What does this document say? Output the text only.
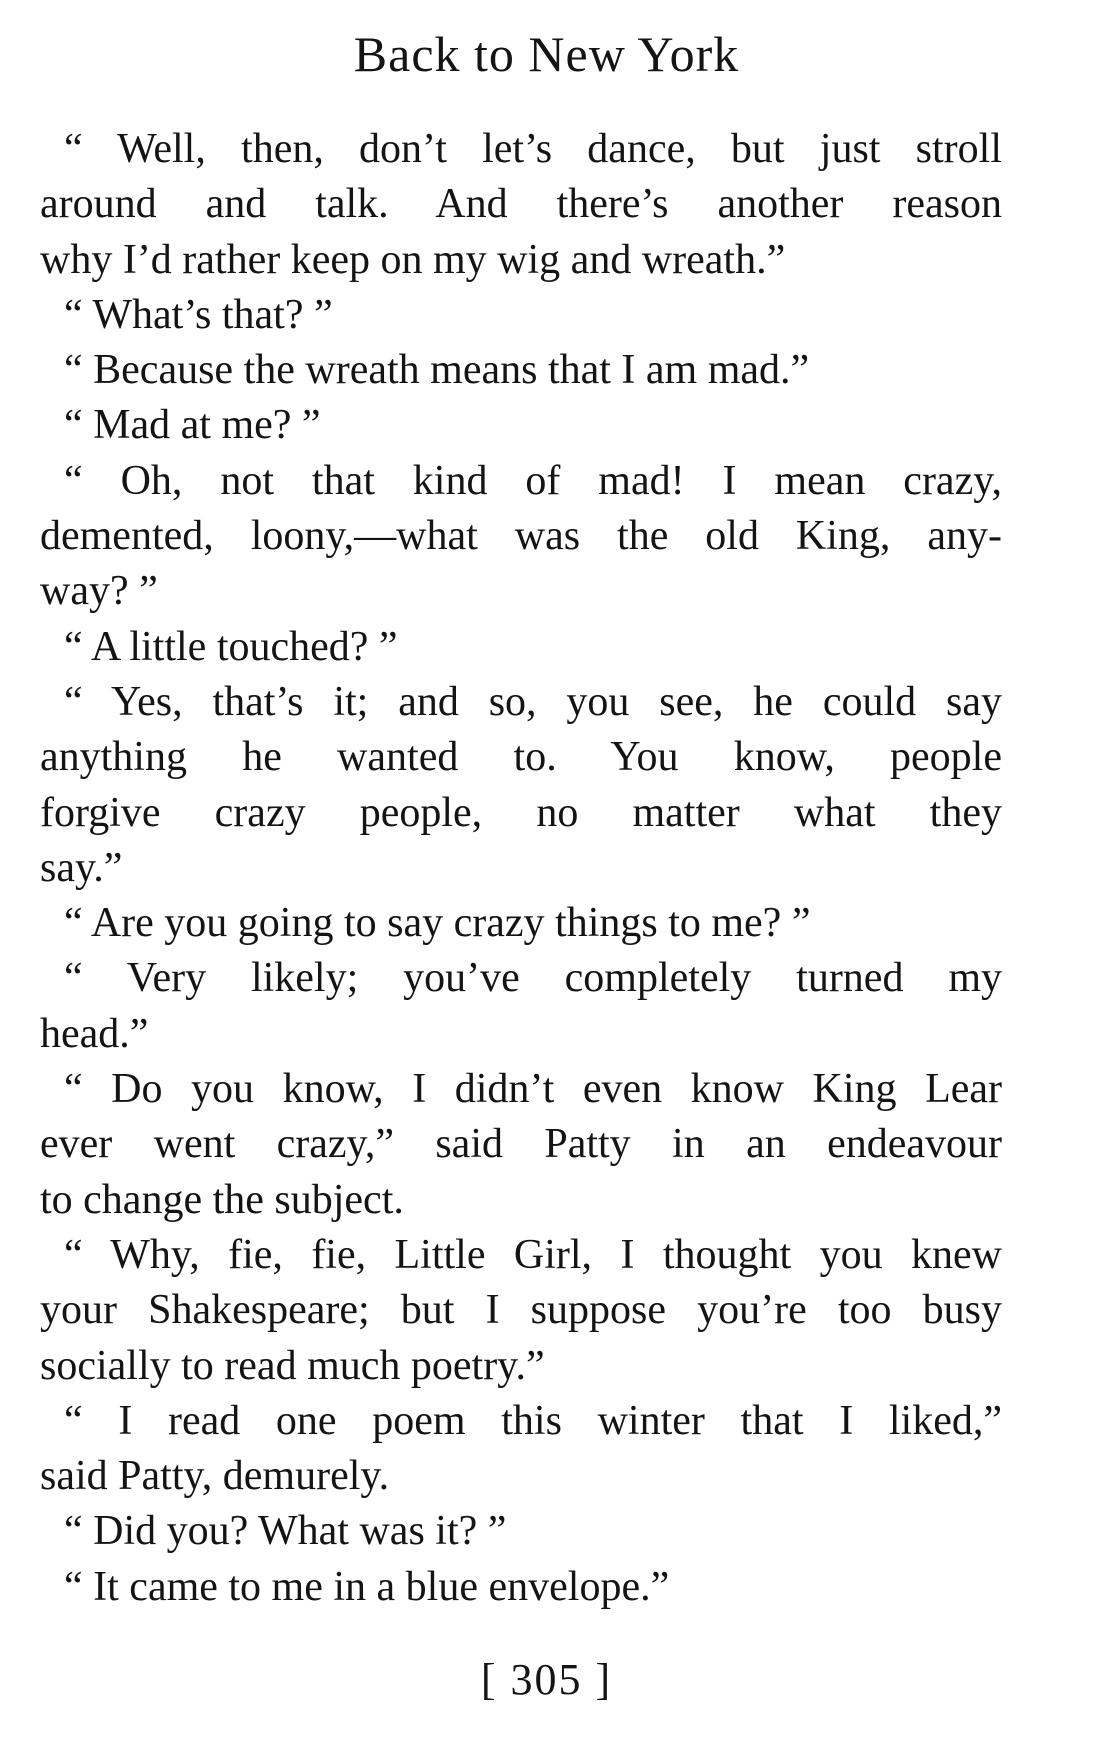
Back to New York
“ Well, then, don’t let’s dance, but just stroll
around and talk. And there’s another reason
why I’d rather keep on my wig and wreath.”
“ What’s that? ”
“ Because the wreath means that I am mad.”
“ Mad at me? ”
“ Oh, not that kind of mad! I mean crazy,
demented, loony,—what was the old King, any-
way? ”
“ A little touched? ”
“ Yes, that’s it; and so, you see, he could say
anything he wanted to. You know, people
forgive crazy people, no matter what they
say.”
“ Are you going to say crazy things to me? ”
“ Very likely; you’ve completely turned my
head.”
“ Do you know, I didn’t even know King Lear
ever went crazy,” said Patty in an endeavour
to change the subject.
“ Why, fie, fie, Little Girl, I thought you knew
your Shakespeare; but I suppose you’re too busy
socially to read much poetry.”
“ I read one poem this winter that I liked,”
said Patty, demurely.
“ Did you? What was it? ”
“ It came to me in a blue envelope.”
[ 305 ]
